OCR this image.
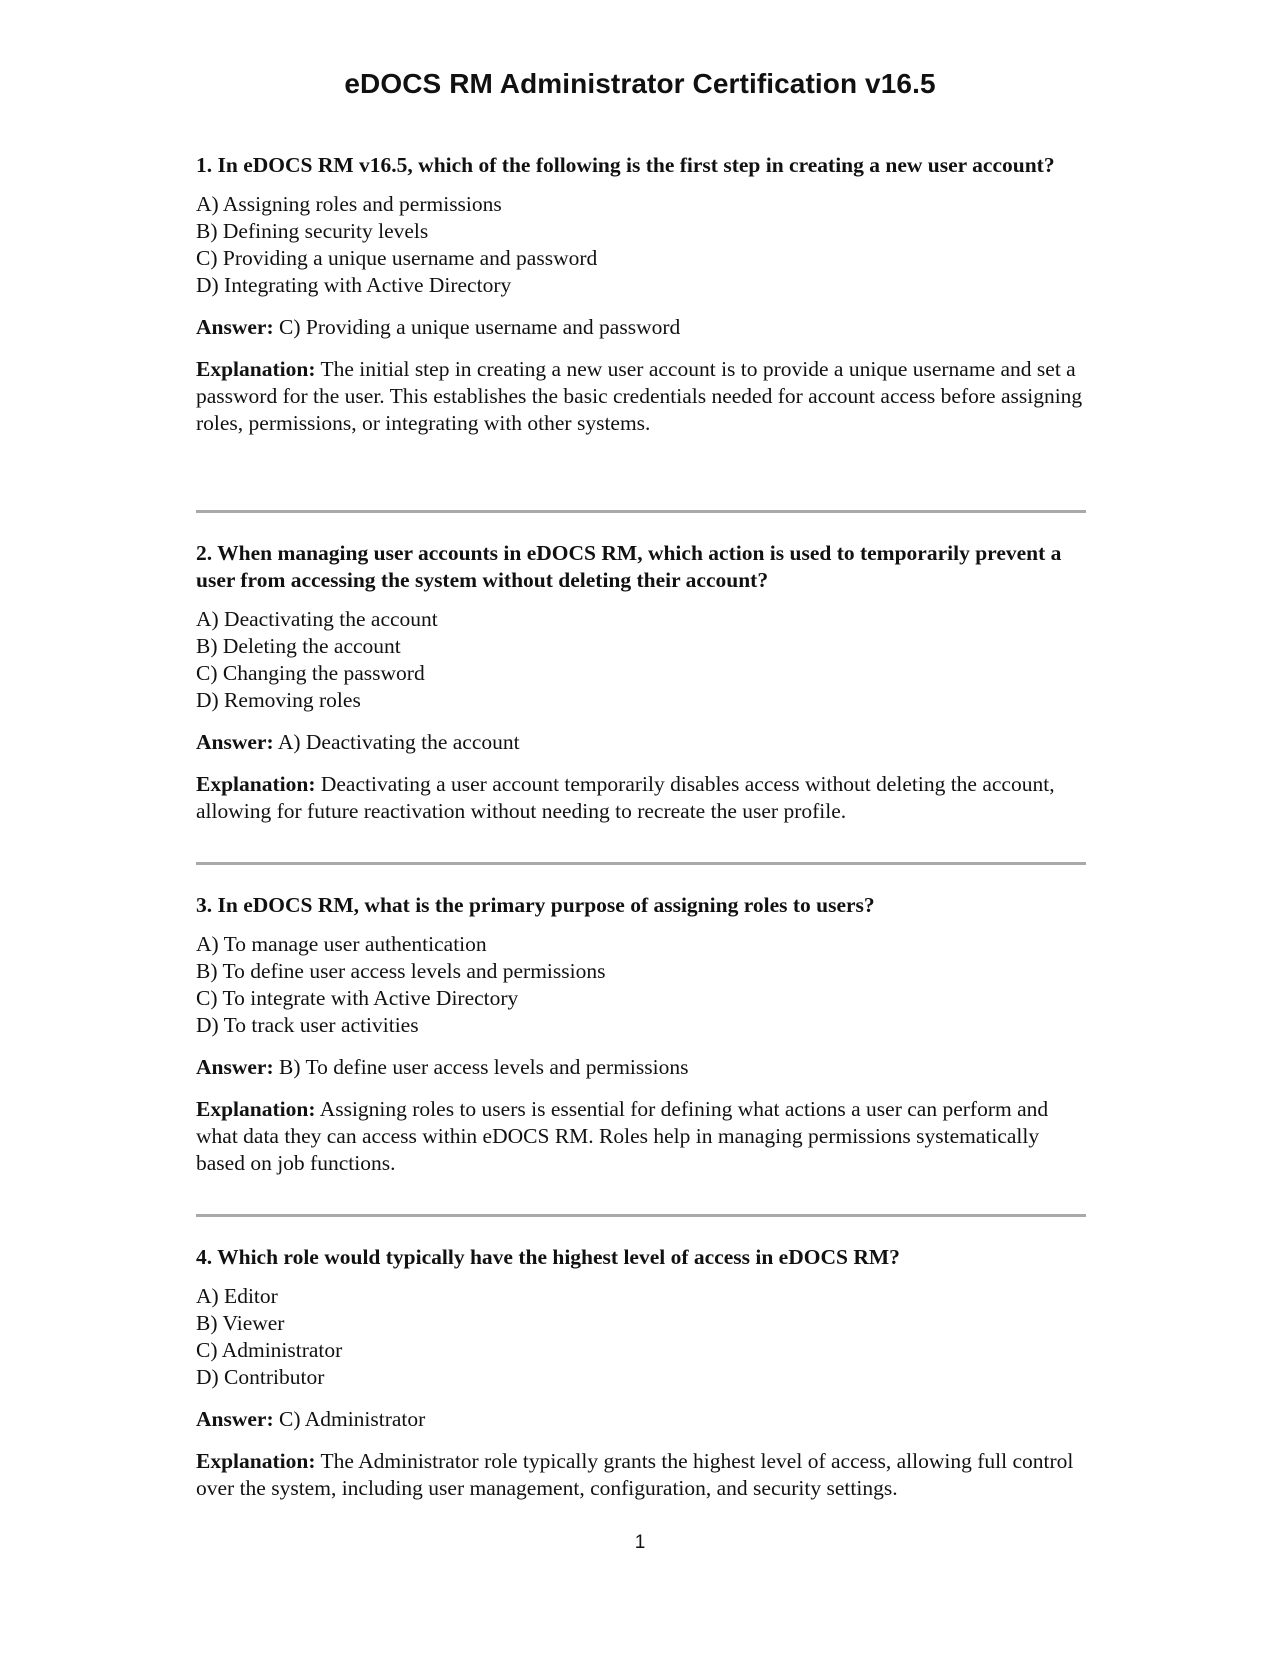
eDOCS RM Administrator Certification v16.5

1. In eDOCS RM v16.5, which of the following is the first step in creating a new user account?

A) Assigning roles and permissions
B) Defining security levels
C) Providing a unique username and password
D) Integrating with Active Directory

Answer: C) Providing a unique username and password

Explanation: The initial step in creating a new user account is to provide a unique username and set a password for the user. This establishes the basic credentials needed for account access before assigning roles, permissions, or integrating with other systems.

2. When managing user accounts in eDOCS RM, which action is used to temporarily prevent a user from accessing the system without deleting their account?

A) Deactivating the account
B) Deleting the account
C) Changing the password
D) Removing roles

Answer: A) Deactivating the account

Explanation: Deactivating a user account temporarily disables access without deleting the account, allowing for future reactivation without needing to recreate the user profile.

3. In eDOCS RM, what is the primary purpose of assigning roles to users?

A) To manage user authentication
B) To define user access levels and permissions
C) To integrate with Active Directory
D) To track user activities

Answer: B) To define user access levels and permissions

Explanation: Assigning roles to users is essential for defining what actions a user can perform and what data they can access within eDOCS RM. Roles help in managing permissions systematically based on job functions.

4. Which role would typically have the highest level of access in eDOCS RM?

A) Editor
B) Viewer
C) Administrator
D) Contributor

Answer: C) Administrator

Explanation: The Administrator role typically grants the highest level of access, allowing full control over the system, including user management, configuration, and security settings.

1
